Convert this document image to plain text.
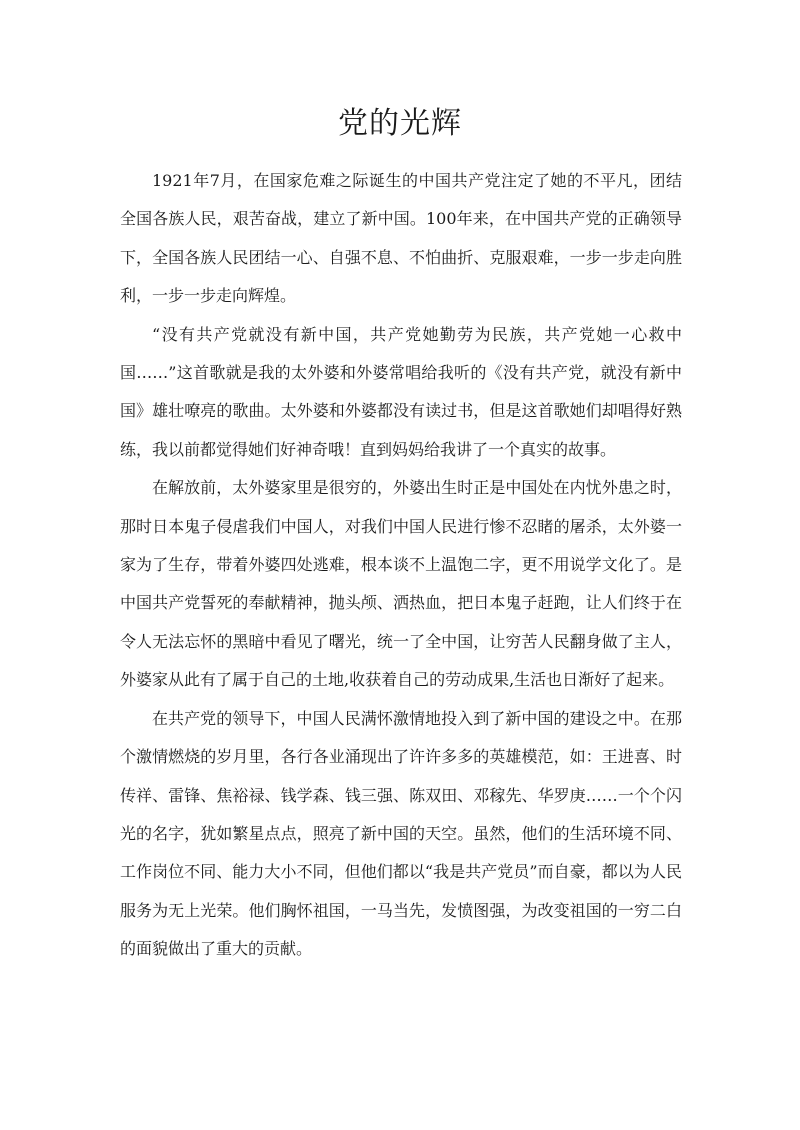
党的光辉

1921年7月，在国家危难之际诞生的中国共产党注定了她的不平凡，团结全国各族人民，艰苦奋战，建立了新中国。100年来，在中国共产党的正确领导下，全国各族人民团结一心、自强不息、不怕曲折、克服艰难，一步一步走向胜利，一步一步走向辉煌。

“没有共产党就没有新中国，共产党她勤劳为民族，共产党她一心救中国……”这首歌就是我的太外婆和外婆常唱给我听的《没有共产党，就没有新中国》雄壮嘹亮的歌曲。太外婆和外婆都没有读过书，但是这首歌她们却唱得好熟练，我以前都觉得她们好神奇哦！直到妈妈给我讲了一个真实的故事。

在解放前，太外婆家里是很穷的，外婆出生时正是中国处在内忧外患之时，那时日本鬼子侵虐我们中国人，对我们中国人民进行惨不忍睹的屠杀，太外婆一家为了生存，带着外婆四处逃难，根本谈不上温饱二字，更不用说学文化了。是中国共产党誓死的奉献精神，抛头颅、洒热血，把日本鬼子赶跑，让人们终于在令人无法忘怀的黑暗中看见了曙光，统一了全中国，让穷苦人民翻身做了主人，外婆家从此有了属于自己的土地,收获着自己的劳动成果,生活也日渐好了起来。

在共产党的领导下，中国人民满怀激情地投入到了新中国的建设之中。在那个激情燃烧的岁月里，各行各业涌现出了许许多多的英雄模范，如：王进喜、时传祥、雷锋、焦裕禄、钱学森、钱三强、陈双田、邓稼先、华罗庚……一个个闪光的名字，犹如繁星点点，照亮了新中国的天空。虽然，他们的生活环境不同、工作岗位不同、能力大小不同，但他们都以“我是共产党员”而自豪，都以为人民服务为无上光荣。他们胸怀祖国，一马当先，发愤图强，为改变祖国的一穷二白的面貌做出了重大的贡献。
